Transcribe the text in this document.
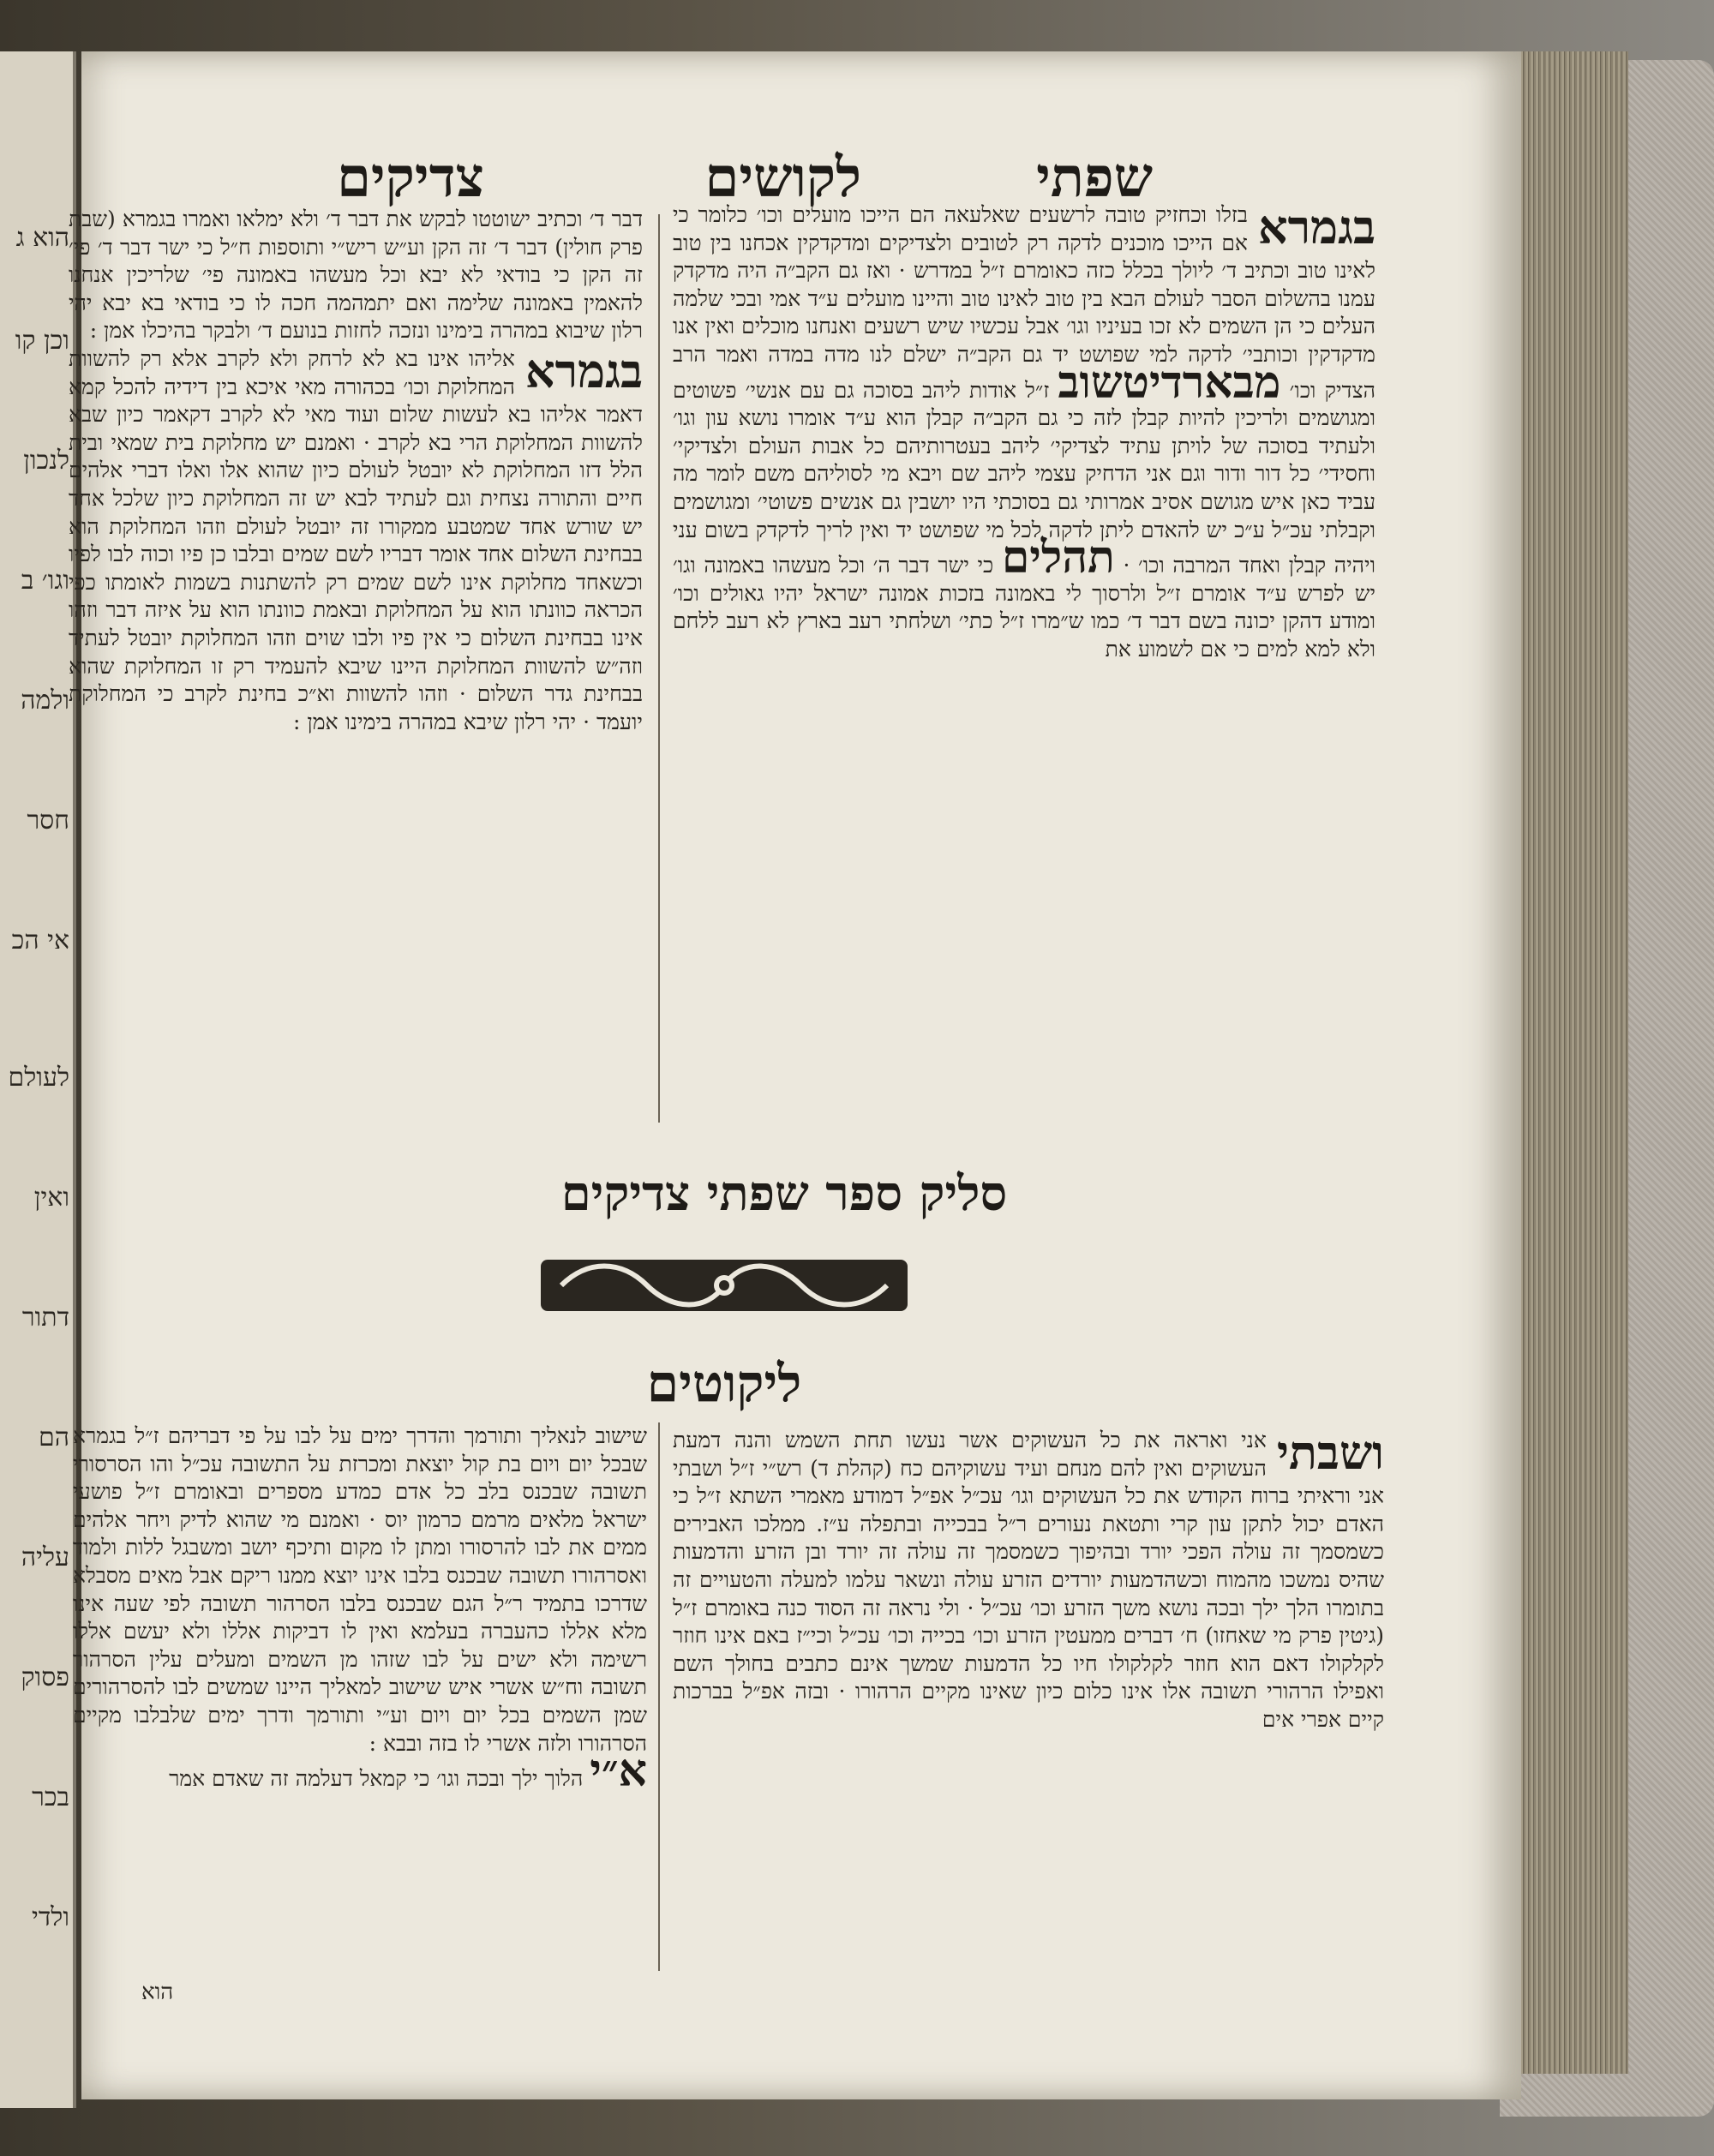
הוא ג
וכן קו
לנכון
וגו׳ ב
ולמה
חסר
אי הכ
לעולם
ואין
דתור
הם
עליה
פסוק
בכר
ולדי
שפתי
לקושים
צדיקים
בגמרא
בזלו וכחזיק טובה לרשעים שאלעאה הם הייכו מועלים וכו׳ כלומר כי אם הייכו מוכנים לדקה רק לטובים ולצדיקים ומדקדקין אכחנו בין טוב לאינו טוב וכתיב ד׳ ליולך בכלל כזה כאומרם ז״ל במדרש · ואז גם הקב״ה היה מדקדק עמנו בהשלום הסבר לעולם הבא בין טוב לאינו טוב והיינו מועלים ע״ד אמי ובכי שלמה העלים כי הן השמים לא זכו בעיניו וגו׳ אבל עכשיו שיש רשעים ואנחנו מוכלים ואין אנו מדקדקין וכותבי׳ לדקה למי שפושט יד גם הקב״ה ישלם לנו מדה במדה ואמר הרב הצדיק וכו׳ מבארדיטשוב ז״ל אודות ליהב בסוכה גם עם אנשי׳ פשוטים ומגושמים ולריכין להיות קבלן לזה כי גם הקב״ה קבלן הוא ע״ד אומרו נושא עון וגו׳ ולעתיד בסוכה של לויתן עתיד לצדיקי׳ ליהב בעטרותיהם כל אבות העולם ולצדיקי׳ וחסידי׳ כל דור ודור וגם אני הדחיק עצמי ליהב שם ויבא מי לסוליהם משם לומר מה עביד כאן איש מגושם אסיב אמרותי גם בסוכתי היו יושבין גם אנשים פשוטי׳ ומגושמים וקבלתי עכ״ל ע״כ יש להאדם ליתן לדקה לכל מי שפושט יד ואין לריך לדקדק בשום עני ויהיה קבלן ואחד המרבה וכו׳ · תהלים כי ישר דבר ה׳ וכל מעשהו באמונה וגו׳ יש לפרש ע״ד אומרם ז״ל ולרסוך לי באמונה בזכות אמונה ישראל יהיו גאולים וכו׳ ומודע דהקן יכונה בשם דבר ד׳ כמו ש״מרו ז״ל כתי׳ ושלחתי רעב בארץ לא רעב ללחם ולא למא למים כי אם לשמוע את
דבר ד׳ וכתיב ישוטטו לבקש את דבר ד׳ ולא ימלאו ואמרו בגמרא (שבת פרק חולין) דבר ד׳ זה הקן וע״ש ריש״י ותוספות ח״ל כי ישר דבר ד׳ פי׳ זה הקן כי בודאי לא יבא וכל מעשהו באמונה פי׳ שלריכין אנחנו להאמין באמונה שלימה ואם יתמהמה חכה לו כי בודאי בא יבא יהי רלון שיבוא במהרה בימינו ונזכה לחזות בנועם ד׳ ולבקר בהיכלו אמן :

בגמרא
אליהו אינו בא לא לרחק ולא לקרב אלא רק להשוות המחלוקת וכו׳ בכהורה מאי איכא בין דידיה להכל קמא דאמר אליהו בא לעשות שלום ועוד מאי לא לקרב דקאמר כיון שבא להשוות המחלוקת הרי בא לקרב · ואמנם יש מחלוקת בית שמאי ובית הלל דזו המחלוקת לא יובטל לעולם כיון שהוא אלו ואלו דברי אלהים חיים והתורה נצחית וגם לעתיד לבא יש זה המחלוקת כיון שלכל אחד יש שורש אחד שמטבע ממקורו זה יובטל לעולם וזהו המחלוקת הוא בבחינת השלום אחד אומר דבריו לשם שמים ובלבו כן פיו וכוה לבו לפיו וכשאחד מחלוקת אינו לשם שמים רק להשתנות בשמות לאומתו כפי הכראה כוונתו הוא על המחלוקת ובאמת כוונתו הוא על איזה דבר וזהו אינו בבחינת השלום כי אין פיו ולבו שוים וזהו המחלוקת יובטל לעתיד וזה״ש להשוות המחלוקת היינו שיבא להעמיד רק זו המחלוקת שהוא בבחינת גדר השלום · וזהו להשוות וא״כ בחינת לקרב כי המחלוקת יועמד · יהי רלון שיבא במהרה בימינו אמן :
סליק ספר שפתי צדיקים
ליקוטים
ושבתי
אני ואראה את כל העשוקים אשר נעשו תחת השמש והנה דמעת העשוקים ואין להם מנחם ועיד עשוקיהם כח (קהלת ד) רש״י ז״ל ושבתי אני וראיתי ברוח הקודש את כל העשוקים וגו׳ עכ״ל אפ״ל דמודע מאמרי השתא ז״ל כי האדם יכול לתקן עון קרי ותטאת נעורים ר״ל בבכייה ובתפלה ע״ז. ממלכו האבירים כשמסמך זה עולה הפכי יורד ובהיפוך כשמסמך זה עולה זה יורד ובן הזרע והדמעות שהיס נמשכו מהמוח וכשהדמעות יורדים הזרע עולה ונשאר עלמו למעלה והטעויים זה בתומרו הלך ילך ובכה נושא משך הזרע וכו׳ עכ״ל · ולי נראה זה הסוד כנה באומרם ז״ל (גיטין פרק מי שאחזו) ח׳ דברים ממעטין הזרע וכו׳ בכייה וכו׳ עכ״ל וכי״ז באם אינו חוזר לקלקולו דאם הוא חוזר לקלקולו חיו כל הדמעות שמשך אינם כתבים בחולך השם ואפילו הרהורי תשובה אלו אינו כלום כיון שאינו מקיים הרהורו · ובזה אפ״ל בברכות קיים אפרי אים
שישוב לנאליך ותורמך והדרך ימים על לבו על פי דבריהם ז״ל בגמרא שבכל יום ויום בת קול יוצאת ומכרזת על התשובה עכ״ל והו הסרסורי תשובה שבכנס בלב כל אדם כמדע מספרים ובאומרם ז״ל פושעי ישראל מלאים מרמם כרמון יוס · ואמנם מי שהוא לדיק ויחר אלהים ממים את לבו להרסורו ומתן לו מקום ותיכף יושב ומשבגל ללות ולמוד ואסרהורו תשובה שבכנס בלבו אינו יוצא ממנו ריקם אבל מאים מסבלא שדרכו בתמיד ר״ל הגם שבכנס בלבו הסרהור תשובה לפי שעה אינו מלא אללו כהעברה בעלמא ואין לו דביקות אללו ולא יעשם אללו רשימה ולא ישים על לבו שזהו מן השמים ומעלים עלין הסרהור תשובה וח״ש אשרי איש שישוב למאליך היינו שמשים לבו להסרהורים שמן השמים בכל יום ויום וע״י ותורמך ודרך ימים שלבלבו מקיים הסרהורו ולזה אשרי לו בזה ובבא :
א״י הלוך ילך ובכה וגו׳ כי קמאל דעלמה זה שאדם אמר
הוא
